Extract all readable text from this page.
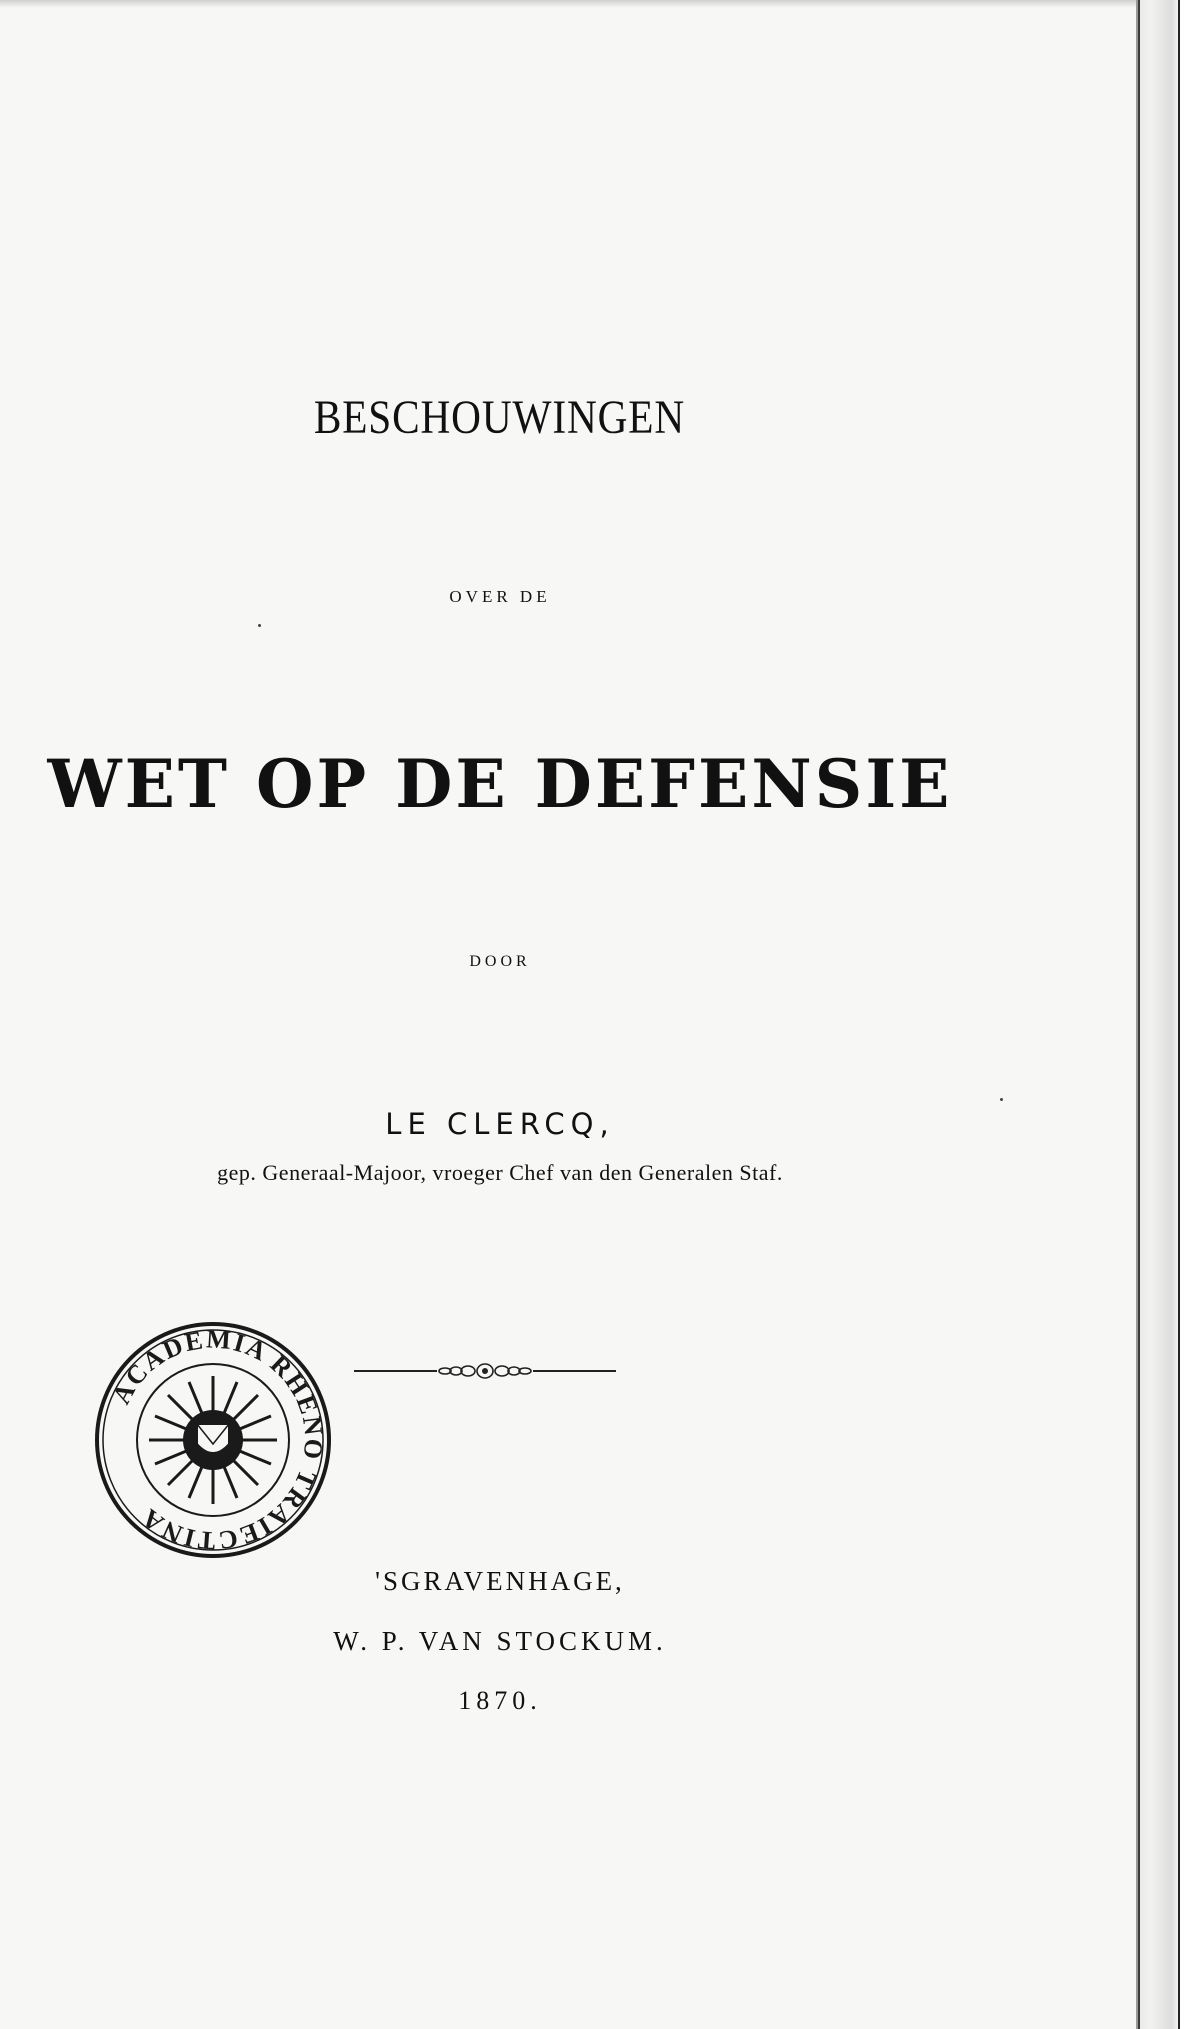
BESCHOUWINGEN
OVER DE
WET OP DE DEFENSIE
DOOR
LE CLERCQ,
gep. Generaal-Majoor, vroeger Chef van den Generalen Staf.
ACADEMIA RHENO TRAIECTINA
'SGRAVENHAGE,
W. P. VAN STOCKUM.
1870.
